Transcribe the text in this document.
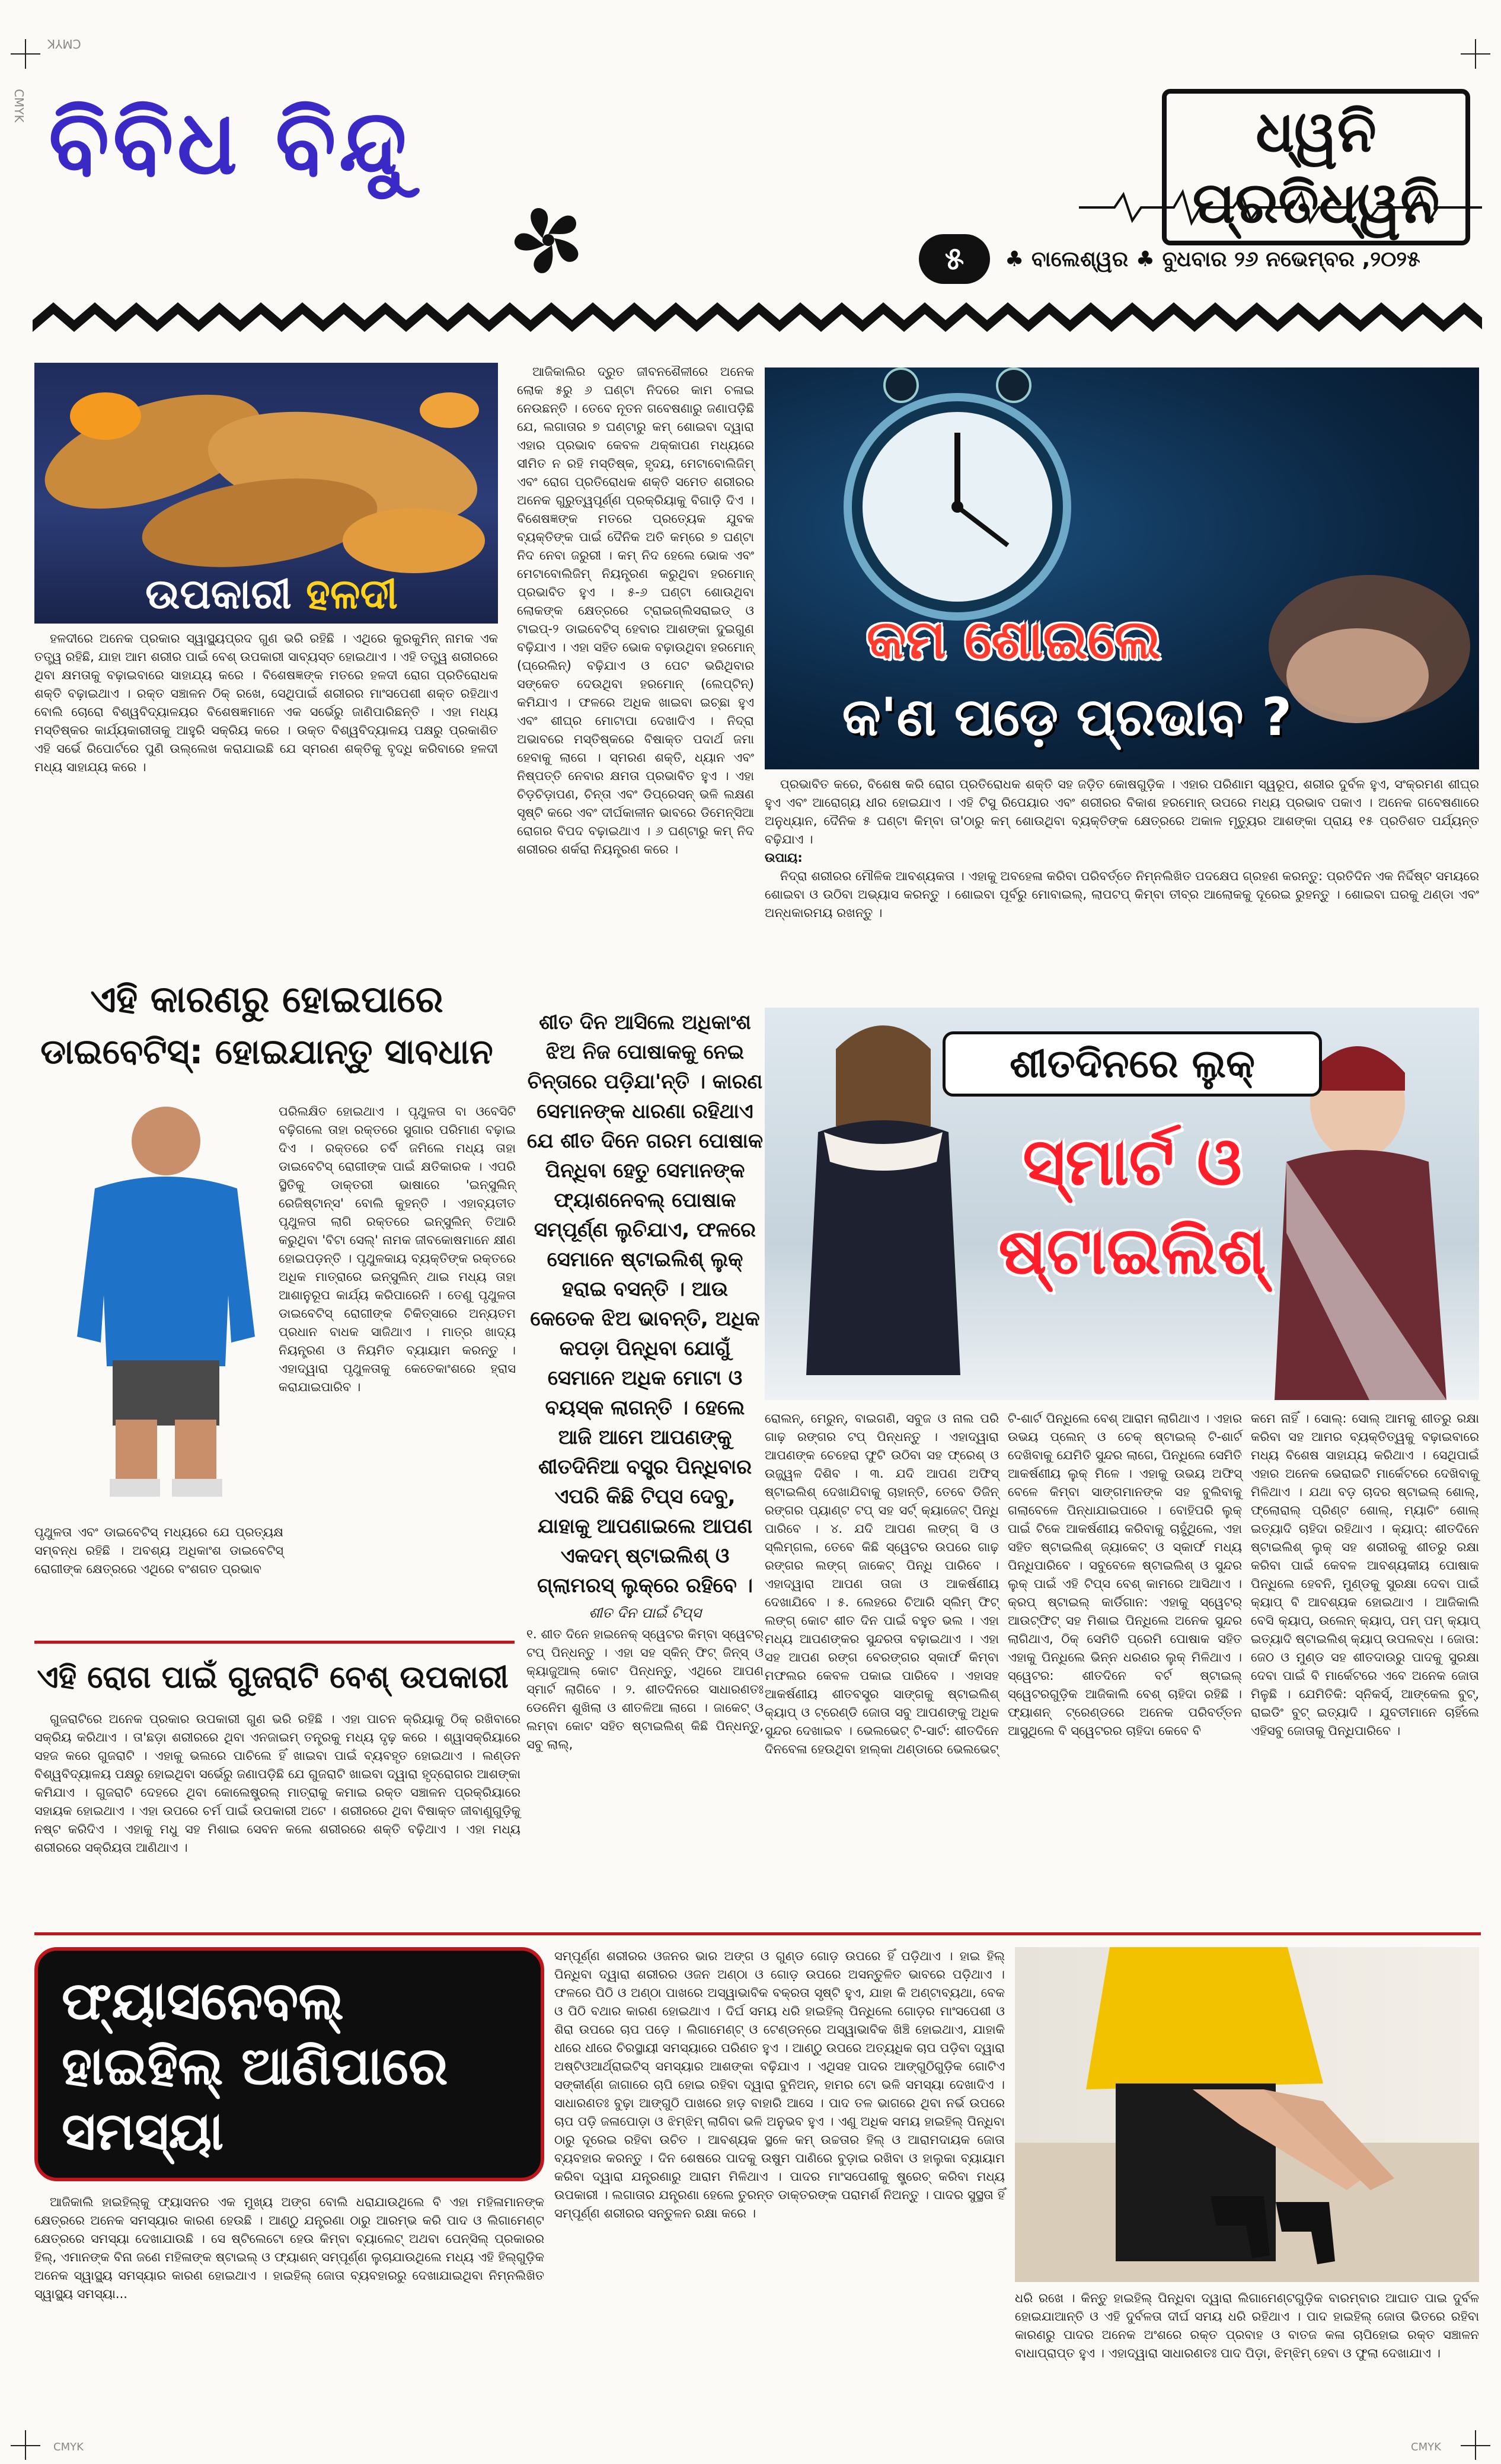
CMYK
CMYK ବିବିଧ ବିନ୍ଦୁ	ଧ୍ୱନି ପ୍ରତିଧ୍ୱନି
୫	♣ ବାଲେଶ୍ୱର ♣ ବୁଧବାର ୨୬ ନଭେମ୍ବର ,୨୦୨୫
ଉପକାରୀ ହଳଦୀ

ହଳଦୀରେ ଅନେକ ପ୍ରକାର ସ୍ୱାସ୍ଥ୍ୟପ୍ରଦ ଗୁଣ ଭରି ରହିଛି । ଏଥିରେ କୁରକୁମିନ୍ ନାମକ ଏକ ତତ୍ତ୍ୱ ରହିଛି, ଯାହା ଆମ ଶରୀର ପାଇଁ ବେଶ୍ ଉପକାରୀ ସାବ୍ୟସ୍ତ ହୋଇଥାଏ । ଏହି ତତ୍ତ୍ୱ ଶରୀରରେ ଥିବା କ୍ଷମତାକୁ ବଢ଼ାଇବାରେ ସାହାଯ୍ୟ କରେ । ବିଶେଷଜ୍ଞଙ୍କ ମତରେ ହଳଦୀ ରୋଗ ପ୍ରତିରୋଧକ ଶକ୍ତି ବଢ଼ାଇଥାଏ । ରକ୍ତ ସଞ୍ଚାଳନ ଠିକ୍ ରଖେ, ସେଥିପାଇଁ ଶରୀରର ମାଂସପେଶୀ ଶକ୍ତ ରହିଥାଏ ବୋଲି ଚୋରୋ ବିଶ୍ୱବିଦ୍ୟାଳୟର ବିଶେଷଜ୍ଞମାନେ ଏକ ସର୍ଭେରୁ ଜାଣିପାରିଛନ୍ତି । ଏହା ମଧ୍ୟ ମସ୍ତିଷ୍କର କାର୍ଯ୍ୟକାରୀତାକୁ ଆହୁରି ସକ୍ରିୟ କରେ । ଉକ୍ତ ବିଶ୍ୱବିଦ୍ୟାଳୟ ପକ୍ଷରୁ ପ୍ରକାଶିତ ଏହି ସର୍ଭେ ରିପୋର୍ଟରେ ପୁଣି ଉଲ୍ଲେଖ କରାଯାଇଛି ଯେ ସ୍ମରଣ ଶକ୍ତିକୁ ବୃଦ୍ଧି କରିବାରେ ହଳଦୀ ମଧ୍ୟ ସାହାଯ୍ୟ କରେ ।

ଆଜିକାଲିର ଦ୍ରୁତ ଜୀବନଶୈଳୀରେ ଅନେକ ଲୋକ ୫ରୁ ୬ ଘଣ୍ଟା ନିଦରେ କାମ ଚଳାଇ ନେଉଛନ୍ତି । ତେବେ ନୂତନ ଗବେଷଣାରୁ ଜଣାପଡ଼ିଛି ଯେ, ଲଗାତାର ୭ ଘଣ୍ଟାରୁ କମ୍ ଶୋଇବା ଦ୍ୱାରା ଏହାର ପ୍ରଭାବ କେବଳ ଥକ୍କାପଣ ମଧ୍ୟରେ ସୀମିତ ନ ରହି ମସ୍ତିଷ୍କ, ହୃଦୟ, ମେଟାବୋଲିଜିମ୍ ଏବଂ ରୋଗ ପ୍ରତିରୋଧକ ଶକ୍ତି ସମେତ ଶରୀରର ଅନେକ ଗୁରୁତ୍ୱପୂର୍ଣ୍ଣ ପ୍ରକ୍ରିୟାକୁ ବିଗାଡ଼ି ଦିଏ । ବିଶେଷଜ୍ଞଙ୍କ ମତରେ ପ୍ରତ୍ୟେକ ଯୁବକ ବ୍ୟକ୍ତିଙ୍କ ପାଇଁ ଦୈନିକ ଅତି କମ୍‌ରେ ୭ ଘଣ୍ଟା ନିଦ ନେବା ଜରୁରୀ । କମ୍ ନିଦ ହେଲେ ଭୋକ ଏବଂ ମେଟାବୋଲିଜିମ୍ ନିୟନ୍ତ୍ରଣ କରୁଥିବା ହରମୋନ୍ ପ୍ରଭାବିତ ହୁଏ । ୫-୬ ଘଣ୍ଟା ଶୋଉଥିବା ଲୋକଙ୍କ କ୍ଷେତ୍ରରେ ଟ୍ରାଇଗ୍ଲିସରାଇଡ୍ ଓ ଟାଇପ୍-୨ ଡାଇବେଟିସ୍ ହେବାର ଆଶଙ୍କା ଦୁଇଗୁଣ ବଢ଼ିଯାଏ । ଏହା ସହିତ ଭୋକ ବଢ଼ାଉଥିବା ହରମୋନ୍ (ଘ୍ରେଲିନ୍) ବଢ଼ିଯାଏ ଓ ପେଟ ଭରିଥିବାର ସଙ୍କେତ ଦେଉଥିବା ହରମୋନ୍ (ଲେପ୍ଟିନ୍) କମିଯାଏ । ଫଳରେ ଅଧିକ ଖାଇବା ଇଚ୍ଛା ହୁଏ ଏବଂ ଶୀଘ୍ର ମୋଟାପା ଦେଖାଦିଏ । ନିଦ୍ରା ଅଭାବରେ ମସ୍ତିଷ୍କରେ ବିଷାକ୍ତ ପଦାର୍ଥ ଜମା ହେବାକୁ ଲାଗେ । ସ୍ମରଣ ଶକ୍ତି, ଧ୍ୟାନ ଏବଂ ନିଷ୍ପତ୍ତି ନେବାର କ୍ଷମତା ପ୍ରଭାବିତ ହୁଏ । ଏହା ଚିଡ଼ଚିଡ଼ାପଣ, ଚିନ୍ତା ଏବଂ ଡିପ୍ରେସନ୍ ଭଳି ଲକ୍ଷଣ ସୃଷ୍ଟି କରେ ଏବଂ ଦୀର୍ଘକାଳୀନ ଭାବରେ ଡିମେନ୍ସିଆ ରୋଗର ବିପଦ ବଢ଼ାଇଥାଏ । ୬ ଘଣ୍ଟାରୁ କମ୍ ନିଦ ଶରୀରର ଶର୍କରା ନିୟନ୍ତ୍ରଣ କରେ ।

କମ ଶୋଇଲେ
କ'ଣ ପଡ଼େ ପ୍ରଭାବ ?

ପ୍ରଭାବିତ କରେ, ବିଶେଷ କରି ରୋଗ ପ୍ରତିରୋଧକ ଶକ୍ତି ସହ ଜଡ଼ିତ କୋଷଗୁଡ଼ିକ । ଏହାର ପରିଣାମ ସ୍ୱରୂପ, ଶରୀର ଦୁର୍ବଳ ହୁଏ, ସଂକ୍ରମଣ ଶୀଘ୍ର ହୁଏ ଏବଂ ଆରୋଗ୍ୟ ଧୀର ହୋଇଯାଏ । ଏହି ଟିସୁ ରିପେୟାର ଏବଂ ଶରୀରର ବିକାଶ ହରମୋନ୍ ଉପରେ ମଧ୍ୟ ପ୍ରଭାବ ପକାଏ । ଅନେକ ଗବେଷଣାରେ ଅନୁଧ୍ୟାନ, ଦୈନିକ ୫ ଘଣ୍ଟା କିମ୍ବା ତା'ଠାରୁ କମ୍ ଶୋଉଥିବା ବ୍ୟକ୍ତିଙ୍କ କ୍ଷେତ୍ରରେ ଅକାଳ ମୃତ୍ୟୁର ଆଶଙ୍କା ପ୍ରାୟ ୧୫ ପ୍ରତିଶତ ପର୍ଯ୍ୟନ୍ତ ବଢ଼ିଯାଏ ।

ଉପାୟ:

ନିଦ୍ରା ଶରୀରର ମୌଳିକ ଆବଶ୍ୟକତା । ଏହାକୁ ଅବହେଳା କରିବା ପରିବର୍ତ୍ତେ ନିମ୍ନଲିଖିତ ପଦକ୍ଷେପ ଗ୍ରହଣ କରନ୍ତୁ: ପ୍ରତିଦିନ ଏକ ନିର୍ଦ୍ଦିଷ୍ଟ ସମୟରେ ଶୋଇବା ଓ ଉଠିବା ଅଭ୍ୟାସ କରନ୍ତୁ । ଶୋଇବା ପୂର୍ବରୁ ମୋବାଇଲ୍, ଲାପଟପ୍ କିମ୍ବା ତୀବ୍ର ଆଲୋକକୁ ଦୂରେଇ ରୁହନ୍ତୁ । ଶୋଇବା ଘରକୁ ଥଣ୍ଡା ଏବଂ ଅନ୍ଧକାରମୟ ରଖନ୍ତୁ ।

ଏହି କାରଣରୁ ହୋଇପାରେ
ଡାଇବେଟିସ୍: ହୋଇଯାନ୍ତୁ ସାବଧାନ

ପରିଲକ୍ଷିତ ହୋଇଥାଏ । ପୃଥୁଳତା ବା ଓବେସିଟି ବଢ଼ିଗଲେ ତାହା ରକ୍ତରେ ସୁଗାର ପରିମାଣ ବଢ଼ାଇ ଦିଏ । ରକ୍ତରେ ଚର୍ବି ଜମିଲେ ମଧ୍ୟ ତାହା ଡାଇବେଟିସ୍ ରୋଗୀଙ୍କ ପାଇଁ କ୍ଷତିକାରକ । ଏପରି ସ୍ଥିତିକୁ ଡାକ୍ତରୀ ଭାଷାରେ 'ଇନ୍ସୁଲିନ୍ ରେଜିଷ୍ଟାନ୍ସ' ବୋଲି କୁହନ୍ତି । ଏହାବ୍ୟତୀତ ପୃଥୁଳତା ଲାଗି ରକ୍ତରେ ଇନ୍ସୁଲିନ୍ ତିଆରି କରୁଥିବା 'ବିଟା ସେଲ୍' ନାମକ ଜୀବକୋଷମାନେ କ୍ଷୀଣ ହୋଇପଡ଼ନ୍ତି । ପୃଥୁଳକାୟ ବ୍ୟକ୍ତିଙ୍କ ରକ୍ତରେ ଅଧିକ ମାତ୍ରାରେ ଇନ୍ସୁଲିନ୍ ଥାଇ ମଧ୍ୟ ତାହା ଆଶାନୁରୂପ କାର୍ଯ୍ୟ କରିପାରେନି । ତେଣୁ ପୃଥୁଳତା ଡାଇବେଟିସ୍ ରୋଗୀଙ୍କ ଚିକିତ୍ସାରେ ଅନ୍ୟତମ ପ୍ରଧାନ ବାଧକ ସାଜିଥାଏ । ମାତ୍ର ଖାଦ୍ୟ ନିୟନ୍ତ୍ରଣ ଓ ନିୟମିତ ବ୍ୟାୟାମ କରନ୍ତୁ । ଏହାଦ୍ୱାରା ପୃଥୁଳତାକୁ କେତେକାଂଶରେ ହ୍ରାସ କରାଯାଇପାରିବ ।

ପୃଥୁଳତା ଏବଂ ଡାଇବେଟିସ୍ ମଧ୍ୟରେ ଯେ ପ୍ରତ୍ୟକ୍ଷ ସମ୍ବନ୍ଧ ରହିଛି । ଅବଶ୍ୟ ଅଧିକାଂଶ ଡାଇବେଟିସ୍ ରୋଗୀଙ୍କ କ୍ଷେତ୍ରରେ ଏଥିରେ ବଂଶଗତ ପ୍ରଭାବ

ଶୀତ ଦିନ ଆସିଲେ ଅଧିକାଂଶ ଝିଅ ନିଜ ପୋଷାକକୁ ନେଇ ଚିନ୍ତାରେ ପଡ଼ିଯା'ନ୍ତି । କାରଣ ସେମାନଙ୍କ ଧାରଣା ରହିଥାଏ ଯେ ଶୀତ ଦିନେ ଗରମ ପୋଷାକ ପିନ୍ଧିବା ହେତୁ ସେମାନଙ୍କ ଫ୍ୟାଶନେବଲ୍ ପୋଷାକ ସମ୍ପୂର୍ଣ୍ଣ ଲୁଚିଯାଏ, ଫଳରେ ସେମାନେ ଷ୍ଟାଇଲିଶ୍ ଲୁକ୍ ହରାଇ ବସନ୍ତି । ଆଉ କେତେକ ଝିଅ ଭାବନ୍ତି, ଅଧିକ କପଡ଼ା ପିନ୍ଧିବା ଯୋଗୁଁ ସେମାନେ ଅଧିକ ମୋଟା ଓ ବୟସ୍କ ଲାଗନ୍ତି । ହେଲେ ଆଜି ଆମେ ଆପଣଙ୍କୁ ଶୀତଦିନିଆ ବସ୍ତ୍ର ପିନ୍ଧିବାର ଏପରି କିଛି ଟିପ୍ସ ଦେବୁ, ଯାହାକୁ ଆପଣାଇଲେ ଆପଣ ଏକଦମ୍ ଷ୍ଟାଇଲିଶ୍ ଓ ଗ୍ଲାମରସ୍ ଲୁକ୍‌ରେ ରହିବେ ।
ଶୀତ ଦିନ ପାଇଁ ଟିପ୍ସ
୧. ଶୀତ ଦିନେ ହାଇନେକ୍ ସ୍ୱେଟର କିମ୍ବା ସ୍ୱେଟର୍ ଟପ୍ ପିନ୍ଧନ୍ତୁ । ଏହା ସହ ସ୍କିନ୍ ଫିଟ୍ ଜିନ୍ସ୍ ଓ କ୍ୟାଜୁଆଲ୍ କୋଟ ପିନ୍ଧନ୍ତୁ, ଏଥିରେ ଆପଣ ସ୍ମାର୍ଟ ଲାଗିବେ । ୨. ଶୀତଦିନରେ ସାଧାରଣତଃ ଡେନେିମ ଶୁଖିଲା ଓ ଶୀତଳିଆ ଲାଗେ । ଜାକେଟ୍ ଓ ଲମ୍ବା କୋଟ ସହିତ ଷ୍ଟାଇଲିଶ୍ କିଛି ପିନ୍ଧନ୍ତୁ, ସବୁ ଲାଲ୍,
ଶୀତଦିନରେ ଲୁକ୍
ସ୍ମାର୍ଟ ଓ
ଷ୍ଟାଇଲିଶ୍

ରୋଲନ୍, ମେରୁନ୍, ବାଇଗଣି, ସବୁଜ ଓ ନାଲ ପରି ଗାଢ଼ ରଙ୍ଗର ଟପ୍ ପିନ୍ଧନ୍ତୁ । ଏହାଦ୍ୱାରା ଆପଣଙ୍କ ଚେହେରା ଫୁଟି ଉଠିବା ସହ ଫ୍ରେଶ୍ ଓ ଉଜ୍ଜ୍ୱଳ ଦିଶିବ । ୩. ଯଦି ଆପଣ ଅଫିସ୍ ଷ୍ଟାଇଲିଶ୍ ଦେଖାଯିବାକୁ ଚାହାନ୍ତି, ତେବେ ଡିଜିନ୍ ରଙ୍ଗର ପ୍ୟାଣ୍ଟ ଟପ୍ ସହ ସର୍ଟ୍ କ୍ୟାଜେଟ୍ ପିନ୍ଧି ପାରିବେ । ୪. ଯଦି ଆପଣ ଲଙ୍ଗ୍ ସି ଓ ସ୍ଲିମ୍‌ଗଲ, ତେବେ କିଛି ସ୍ୱେଟର ଉପରେ ଗାଢ଼ ରଙ୍ଗର ଲଙ୍ଗ୍ ଜାକେଟ୍ ପିନ୍ଧି ପାରିବେ । ଏହାଦ୍ୱାରା ଆପଣ ତାଜା ଓ ଆକର୍ଷଣୀୟ ଦେଖାଯିବେ । ୫. ଲେହରେ ଚିଆରି ସ୍ଲିମ୍ ଫିଟ୍ ଲଙ୍ଗ୍ କୋଟ ଶୀତ ଦିନ ପାଇଁ ବହୁତ ଭଲ । ଏହା ମଧ୍ୟ ଆପଣଙ୍କର ସୁନ୍ଦରତା ବଢ଼ାଇଥାଏ । ଏହା ସହ ଆପଣ ରଙ୍ଗ ବେରଙ୍ଗର ସ୍କାର୍ଫ କିମ୍ବା ମଫଲର କେବଳ ପକାଇ ପାରିବେ । ଏହାସହ ଆକର୍ଷଣୀୟ ଶୀତବସ୍ତ୍ର ସାଙ୍ଗକୁ ଷ୍ଟାଇଲିଶ୍ କ୍ୟାପ୍ ଓ ଟ୍ରେଣ୍ଡି ଜୋତା ସବୁ ଆପଣଙ୍କୁ ଅଧିକ ସୁନ୍ଦର ଦେଖାଇବ । ଭେଲଭେଟ୍ ଟି-ସାର୍ଟ: ଶୀତଦିନେ ଦିନବେଳା ହେଉଥିବା ହାଲ୍କା ଥଣ୍ଡାରେ ଭେଲଭେଟ୍

ଟି-ଶାର୍ଟ ପିନ୍ଧିଲେ ବେଶ୍ ଆରାମ ଲାଗିଥାଏ । ଏହାର ଉଭୟ ପ୍ଲେନ୍ ଓ ଚେକ୍ ଷ୍ଟାଇଲ୍ ଟି-ଶାର୍ଟ ଦେଖିବାକୁ ଯେମିତି ସୁନ୍ଦର ଲାଗେ, ପିନ୍ଧିଲେ ସେମିତି ଆକର୍ଷଣୀୟ ଲୁକ୍ ମିଳେ । ଏହାକୁ ଉଭୟ ଅଫିସ୍ ବେଳେ କିମ୍ବା ସାଙ୍ଗମାନଙ୍କ ସହ ବୁଲିବାକୁ ଗଲାବେଳେ ପିନ୍ଧାଯାଇପାରେ । ବୋହିପରି ଲୁକ୍ ପାଇଁ ଟିକେ ଆକର୍ଷଣୀୟ କରିବାକୁ ଚାହୁଁଥିଲେ, ଏହା ସହିତ ଷ୍ଟାଇଲିଶ୍ ଜ୍ୟାକେଟ୍ ଓ ସ୍କାର୍ଫ ମଧ୍ୟ ପିନ୍ଧିପାରିବେ । ସବୁବେଳେ ଷ୍ଟାଇଲିଶ୍ ଓ ସୁନ୍ଦର ଲୁକ୍ ପାଇଁ ଏହି ଟିପ୍ସ ବେଶ୍ କାମରେ ଆସିଥାଏ । କ୍ରପ୍ ଷ୍ଟାଇଲ୍ କାର୍ଡିଗାନ: ଏହାକୁ ସ୍ୱେଟର୍ ଆଉଟ୍‌ଫିଟ୍ ସହ ମିଶାଇ ପିନ୍ଧିଲେ ଅନେକ ସୁନ୍ଦର ଲାଗିଥାଏ, ଠିକ୍ ସେମିତି ପ୍ରେମି ପୋଷାକ ସହିତ ଏହାକୁ ପିନ୍ଧିଲେ ଭିନ୍ନ ଧରଣର ଲୁକ୍ ମିଳିଥାଏ । ସ୍ୱେଟର: ଶୀତଦିନେ ବର୍ଟ ଷ୍ଟାଇଲ୍ ସ୍ୱେଟରଗୁଡ଼ିକ ଆଜିକାଲି ବେଶ୍ ଚାହିଦା ରହିଛି । ଫ୍ୟାଶନ୍ ଟ୍ରେଣ୍ଡରେ ଅନେକ ପରିବର୍ତ୍ତନ ଆସୁଥିଲେ ବି ସ୍ୱେଟରର ଚାହିଦା କେବେ ବି

କମେ ନାହିଁ । ସୋଲ୍: ସୋଲ୍ ଆମକୁ ଶୀତରୁ ରକ୍ଷା କରିବା ସହ ଆମର ବ୍ୟକ୍ତିତ୍ୱକୁ ବଢ଼ାଇବାରେ ମଧ୍ୟ ବିଶେଷ ସାହାଯ୍ୟ କରିଥାଏ । ସେଥିପାଇଁ ଏହାର ଅନେକ ଭେରାଇଟି ମାର୍କେଟରେ ଦେଖିବାକୁ ମିଳିଥାଏ । ଯଥା ବଡ଼ ଚାଦର ଷ୍ଟାଇଲ୍ ଶୋଲ୍, ଫ୍ଲୋରାଲ୍ ପ୍ରିଣ୍ଟ ଶୋଲ୍, ମ୍ୟାଚିଂ ଶୋଲ୍ ଇତ୍ୟାଦି ଚାହିଦା ରହିଥାଏ । କ୍ୟାପ୍: ଶୀତଦିନେ ଷ୍ଟାଇଲିଶ୍ ଲୁକ୍ ସହ ଶରୀରକୁ ଶୀତରୁ ରକ୍ଷା କରିବା ପାଇଁ କେବଳ ଆବଶ୍ୟକୀୟ ପୋଷାକ ପିନ୍ଧିଲେ ହେବନି, ମୁଣ୍ଡକୁ ସୁରକ୍ଷା ଦେବା ପାଇଁ କ୍ୟାପ୍ ବି ଆବଶ୍ୟକ ହୋଇଥାଏ । ଆଜିକାଲି ବେସି କ୍ୟାପ୍, ଉଲେନ୍ କ୍ୟାପ୍, ପମ୍ ପମ୍ କ୍ୟାପ୍ ଇତ୍ୟାଦି ଷ୍ଟାଇଲିଶ୍ କ୍ୟାପ୍ ଉପଲବ୍ଧ । ଜୋତା: ଜେଠ ଓ ମୁଣ୍ଡ ସହ ଶୀତଦାଉରୁ ପାଦକୁ ସୁରକ୍ଷା ଦେବା ପାଇଁ ବି ମାର୍କେଟରେ ଏବେ ଅନେକ ଜୋତା ମିଳୁଛି । ଯେମିତିକି: ସ୍ନିକର୍ସ୍, ଆଙ୍କେଲ ବୁଟ୍, ରାଇଡିଂ ବୁଟ୍ ଇତ୍ୟାଦି । ଯୁବତୀମାନେ ଚାହିଁଲେ ଏହିସବୁ ଜୋତାକୁ ପିନ୍ଧିପାରିବେ ।

ଏହି ରୋଗ ପାଇଁ ଗୁଜରାଟି ବେଶ୍ ଉପକାରୀ

ଗୁଜରାଟିରେ ଅନେକ ପ୍ରକାର ଉପକାରୀ ଗୁଣ ଭରି ରହିଛି । ଏହା ପାଚନ କ୍ରିୟାକୁ ଠିକ୍ ରଖିବାରେ ସକ୍ରିୟ କରିଥାଏ । ତା'ଛଡ଼ା ଶରୀରରେ ଥିବା ଏନଜାଇମ୍ ତନ୍ତ୍ରକୁ ମଧ୍ୟ ଦୃଢ଼ କରେ । ଶ୍ୱାସକ୍ରିୟାରେ ସହଜ କରେ ଗୁଜରାଟି । ଏହାକୁ ଭଲରେ ପାଚିଲେ ହିଁ ଖାଇବା ପାଇଁ ବ୍ୟବହୃତ ହୋଇଥାଏ । ଲଣ୍ଡନ ବିଶ୍ୱବିଦ୍ୟାଳୟ ପକ୍ଷରୁ ହୋଇଥିବା ସର୍ଭେରୁ ଜଣାପଡ଼ିଛି ଯେ ଗୁଜରାଟି ଖାଇବା ଦ୍ୱାରା ହୃଦ୍‌ରୋଗର ଆଶଙ୍କା କମିଯାଏ । ଗୁଜରାଟି ଦେହରେ ଥିବା କୋଲେଷ୍ଟ୍ରଲ୍ ମାତ୍ରାକୁ କମାଇ ରକ୍ତ ସଞ୍ଚାଳନ ପ୍ରକ୍ରିୟାରେ ସହାୟକ ହୋଇଥାଏ । ଏହା ଉପରେ ଚର୍ମ ପାଇଁ ଉପକାରୀ ଅଟେ । ଶରୀରରେ ଥିବା ବିଷାକ୍ତ ଜୀବାଣୁଗୁଡ଼ିକୁ ନଷ୍ଟ କରିଦିଏ । ଏହାକୁ ମଧୁ ସହ ମିଶାଇ ସେବନ କଲେ ଶରୀରରେ ଶକ୍ତି ବଢ଼ିଥାଏ । ଏହା ମଧ୍ୟ ଶରୀରରେ ସକ୍ରିୟତା ଆଣିଥାଏ ।

ଫ୍ୟାସନେବଲ୍
ହାଇହିଲ୍ ଆଣିପାରେ
ସମସ୍ୟା

ଆଜିକାଲି ହାଇହିଲ୍‌କୁ ଫ୍ୟାସନର ଏକ ମୁଖ୍ୟ ଅଙ୍ଗ ବୋଲି ଧରାଯାଉଥିଲେ ବି ଏହା ମହିଳାମାନଙ୍କ କ୍ଷେତ୍ରରେ ଅନେକ ସମସ୍ୟାର କାରଣ ହେଉଛି । ଆଣ୍ଠୁ ଯନ୍ତ୍ରଣା ଠାରୁ ଆରମ୍ଭ କରି ପାଦ ଓ ଲିଗାମେଣ୍ଟ କ୍ଷେତ୍ରରେ ସମସ୍ୟା ଦେଖାଯାଉଛି । ସେ ଷ୍ଟିଲେଟୋ ହେଉ କିମ୍ବା ବ୍ୟାଲେଟ୍ ଅଥବା ପେନ୍‌ସିଲ୍ ପ୍ରକାରର ହିଲ୍, ଏମାନଙ୍କ ବିନା ଜଣେ ମହିଳାଙ୍କ ଷ୍ଟାଇଲ୍ ଓ ଫ୍ୟାଶନ୍ ସମ୍ପୂର୍ଣ୍ଣ ଲୁଚାଯାଉଥିଲେ ମଧ୍ୟ ଏହି ହିଲ୍‌ଗୁଡ଼ିକ ଅନେକ ସ୍ୱାସ୍ଥ୍ୟ ସମସ୍ୟାର କାରଣ ହୋଇଥାଏ । ହାଇହିଲ୍ ଜୋତା ବ୍ୟବହାରରୁ ଦେଖାଯାଇଥିବା ନିମ୍ନଲିଖିତ ସ୍ୱାସ୍ଥ୍ୟ ସମସ୍ୟା...

ସମ୍ପୂର୍ଣ୍ଣ ଶରୀରର ଓଜନର ଭାର ଅଙ୍ଗ ଓ ଗୁଣ୍ଡ ଗୋଡ଼ ଉପରେ ହିଁ ପଡ଼ିଥାଏ । ହାଇ ହିଲ୍ ପିନ୍ଧିବା ଦ୍ୱାରା ଶରୀରର ଓଜନ ଅଣ୍ଠା ଓ ଗୋଡ଼ ଉପରେ ଅସନ୍ତୁଳିତ ଭାବରେ ପଡ଼ିଥାଏ । ଫଳରେ ପିଠି ଓ ଅଣ୍ଠା ପାଖରେ ଅସ୍ୱାଭାବିକ ବକ୍ରତା ସୃଷ୍ଟି ହୁଏ, ଯାହା କି ଅଣ୍ଟାବ୍ୟଥା, ବେକ ଓ ପିଠି ବଥାର କାରଣ ହୋଇଥାଏ । ଦିର୍ଘ ସମୟ ଧରି ହାଇହିଲ୍ ପିନ୍ଧିଲେ ଗୋଡ଼ର ମାଂସପେଶୀ ଓ ଶିରା ଉପରେ ଚାପ ପଡ଼େ । ଲିଗାମେଣ୍ଟ୍ ଓ ଟେଣ୍ଡନ୍‌ରେ ଅସ୍ୱାଭାବିକ ଖିଞ୍ଚି ହୋଇଥାଏ, ଯାହାକି ଧୀରେ ଧୀରେ ଚିରସ୍ଥାୟୀ ସମସ୍ୟାରେ ପରିଣତ ହୁଏ । ଆଣ୍ଠୁ ଉପରେ ଅତ୍ୟଧିକ ଚାପ ପଡ଼ିବା ଦ୍ୱାରା ଅଷ୍ଟିଓଆର୍ଥ୍ରାଇଟିସ୍ ସମସ୍ୟାର ଆଶଙ୍କା ବଢ଼ିଯାଏ । ଏଥିସହ ପାଦର ଆଙ୍ଗୁଠିଗୁଡ଼ିକ ଗୋଟିଏ ସଙ୍କୀର୍ଣ୍ଣ ଜାଗାରେ ଚାପି ହୋଇ ରହିବା ଦ୍ୱାରା ବୁନିଅନ୍, ହାମର ଟୋ ଭଳି ସମସ୍ୟା ଦେଖାଦିଏ । ସାଧାରଣତଃ ବୁଢ଼ା ଆଙ୍ଗୁଠି ପାଖରେ ହାଡ଼ ବାହାରି ଆସେ । ପାଦ ତଳ ଭାଗରେ ଥିବା ନର୍ଭ ଉପରେ ଚାପ ପଡ଼ି ଜଳାପୋଡ଼ା ଓ ଝିମ୍‌ଝିମ୍ ଲାଗିବା ଭଳି ଅନୁଭବ ହୁଏ । ଏଣୁ ଅଧିକ ସମୟ ହାଇହିଲ୍ ପିନ୍ଧିବା ଠାରୁ ଦୂରେଇ ରହିବା ଉଚିତ । ଆବଶ୍ୟକ ସ୍ଥଳେ କମ୍ ଉଚ୍ଚତାର ହିଲ୍ ଓ ଆରାମଦାୟକ ଜୋତା ବ୍ୟବହାର କରନ୍ତୁ । ଦିନ ଶେଷରେ ପାଦକୁ ଉଷୁମ ପାଣିରେ ବୁଡ଼ାଇ ରଖିବା ଓ ହାଲୁକା ବ୍ୟାୟାମ କରିବା ଦ୍ୱାରା ଯନ୍ତ୍ରଣାରୁ ଆରାମ ମିଳିଥାଏ । ପାଦର ମାଂସପେଶୀକୁ ଷ୍ଟ୍ରେଚ୍ କରିବା ମଧ୍ୟ ଉପକାରୀ । ଲଗାତାର ଯନ୍ତ୍ରଣା ହେଲେ ତୁରନ୍ତ ଡାକ୍ତରଙ୍କ ପରାମର୍ଶ ନିଅନ୍ତୁ । ପାଦର ସୁସ୍ଥତା ହିଁ ସମ୍ପୂର୍ଣ୍ଣ ଶରୀରର ସନ୍ତୁଳନ ରକ୍ଷା କରେ ।

ଧରି ରଖେ । କିନ୍ତୁ ହାଇହିଲ୍ ପିନ୍ଧିବା ଦ୍ୱାରା ଲିଗାମେଣ୍ଟଗୁଡ଼ିକ ବାରମ୍ବାର ଆଘାତ ପାଇ ଦୁର୍ବଳ ହୋଇଯାଆନ୍ତି ଓ ଏହି ଦୁର୍ବଳତା ଦୀର୍ଘ ସମୟ ଧରି ରହିଥାଏ । ପାଦ ହାଇହିଲ୍ ଜୋତା ଭିତରେ ରହିବା କାରଣରୁ ପାଦର ଅନେକ ଅଂଶରେ ରକ୍ତ ପ୍ରବାହ ଓ ବାତଜ କଳା ଚାପିହୋଇ ରକ୍ତ ସଞ୍ଚାଳନ ବାଧାପ୍ରାପ୍ତ ହୁଏ । ଏହାଦ୍ୱାରା ସାଧାରଣତଃ ପାଦ ପିଡ଼ା, ଝିମ୍‌ଝିମ୍ ହେବା ଓ ଫୁଲା ଦେଖାଯାଏ ।

CMYK	CMYK
